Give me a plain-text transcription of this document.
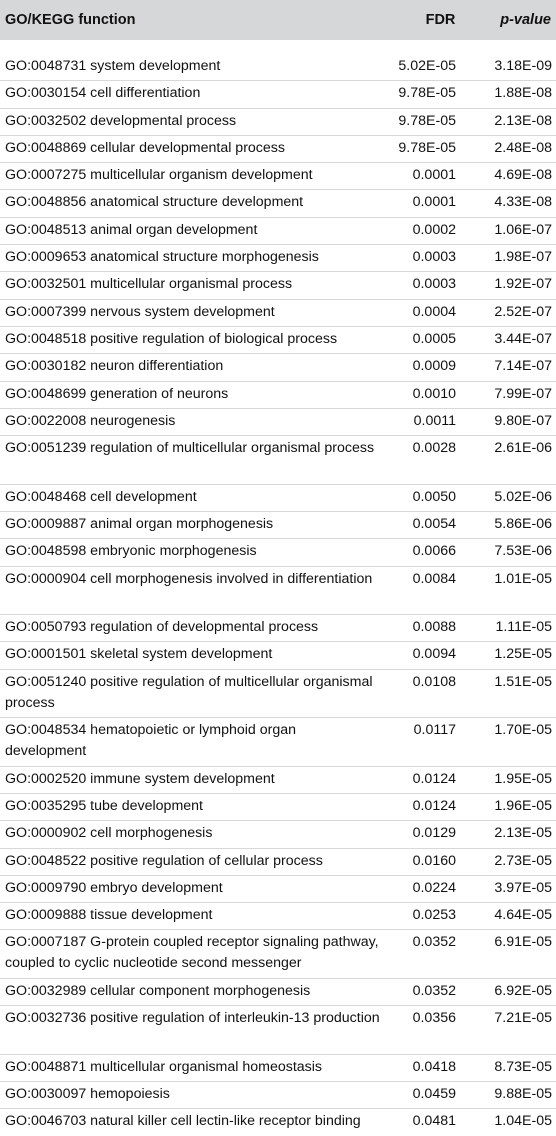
GO/KEGG function	FDR	p-value

GO:0048731 system development	5.02E-05	3.18E-09

GO:0030154 cell differentiation	9.78E-05	1.88E-08

GO:0032502 developmental process	9.78E-05	2.13E-08

GO:0048869 cellular developmental process	9.78E-05	2.48E-08

GO:0007275 multicellular organism development	0.0001	4.69E-08

GO:0048856 anatomical structure development	0.0001	4.33E-08

GO:0048513 animal organ development	0.0002	1.06E-07

GO:0009653 anatomical structure morphogenesis	0.0003	1.98E-07

GO:0032501 multicellular organismal process	0.0003	1.92E-07

GO:0007399 nervous system development	0.0004	2.52E-07

GO:0048518 positive regulation of biological process	0.0005	3.44E-07

GO:0030182 neuron differentiation	0.0009	7.14E-07

GO:0048699 generation of neurons	0.0010	7.99E-07

GO:0022008 neurogenesis	0.0011	9.80E-07

GO:0051239 regulation of multicellular organismal process	0.0028	2.61E-06

GO:0048468 cell development	0.0050	5.02E-06

GO:0009887 animal organ morphogenesis	0.0054	5.86E-06

GO:0048598 embryonic morphogenesis	0.0066	7.53E-06

GO:0000904 cell morphogenesis involved in differentiation	0.0084	1.01E-05

GO:0050793 regulation of developmental process	0.0088	1.11E-05

GO:0001501 skeletal system development	0.0094	1.25E-05

GO:0051240 positive regulation of multicellular organismal process	0.0108	1.51E-05

GO:0048534 hematopoietic or lymphoid organ development	0.0117	1.70E-05

GO:0002520 immune system development	0.0124	1.95E-05

GO:0035295 tube development	0.0124	1.96E-05

GO:0000902 cell morphogenesis	0.0129	2.13E-05

GO:0048522 positive regulation of cellular process	0.0160	2.73E-05

GO:0009790 embryo development	0.0224	3.97E-05

GO:0009888 tissue development	0.0253	4.64E-05

GO:0007187 G-protein coupled receptor signaling pathway, coupled to cyclic nucleotide second messenger	0.0352	6.91E-05

GO:0032989 cellular component morphogenesis	0.0352	6.92E-05

GO:0032736 positive regulation of interleukin-13 production	0.0356	7.21E-05

GO:0048871 multicellular organismal homeostasis	0.0418	8.73E-05

GO:0030097 hemopoiesis	0.0459	9.88E-05

GO:0046703 natural killer cell lectin-like receptor binding	0.0481	1.04E-05
